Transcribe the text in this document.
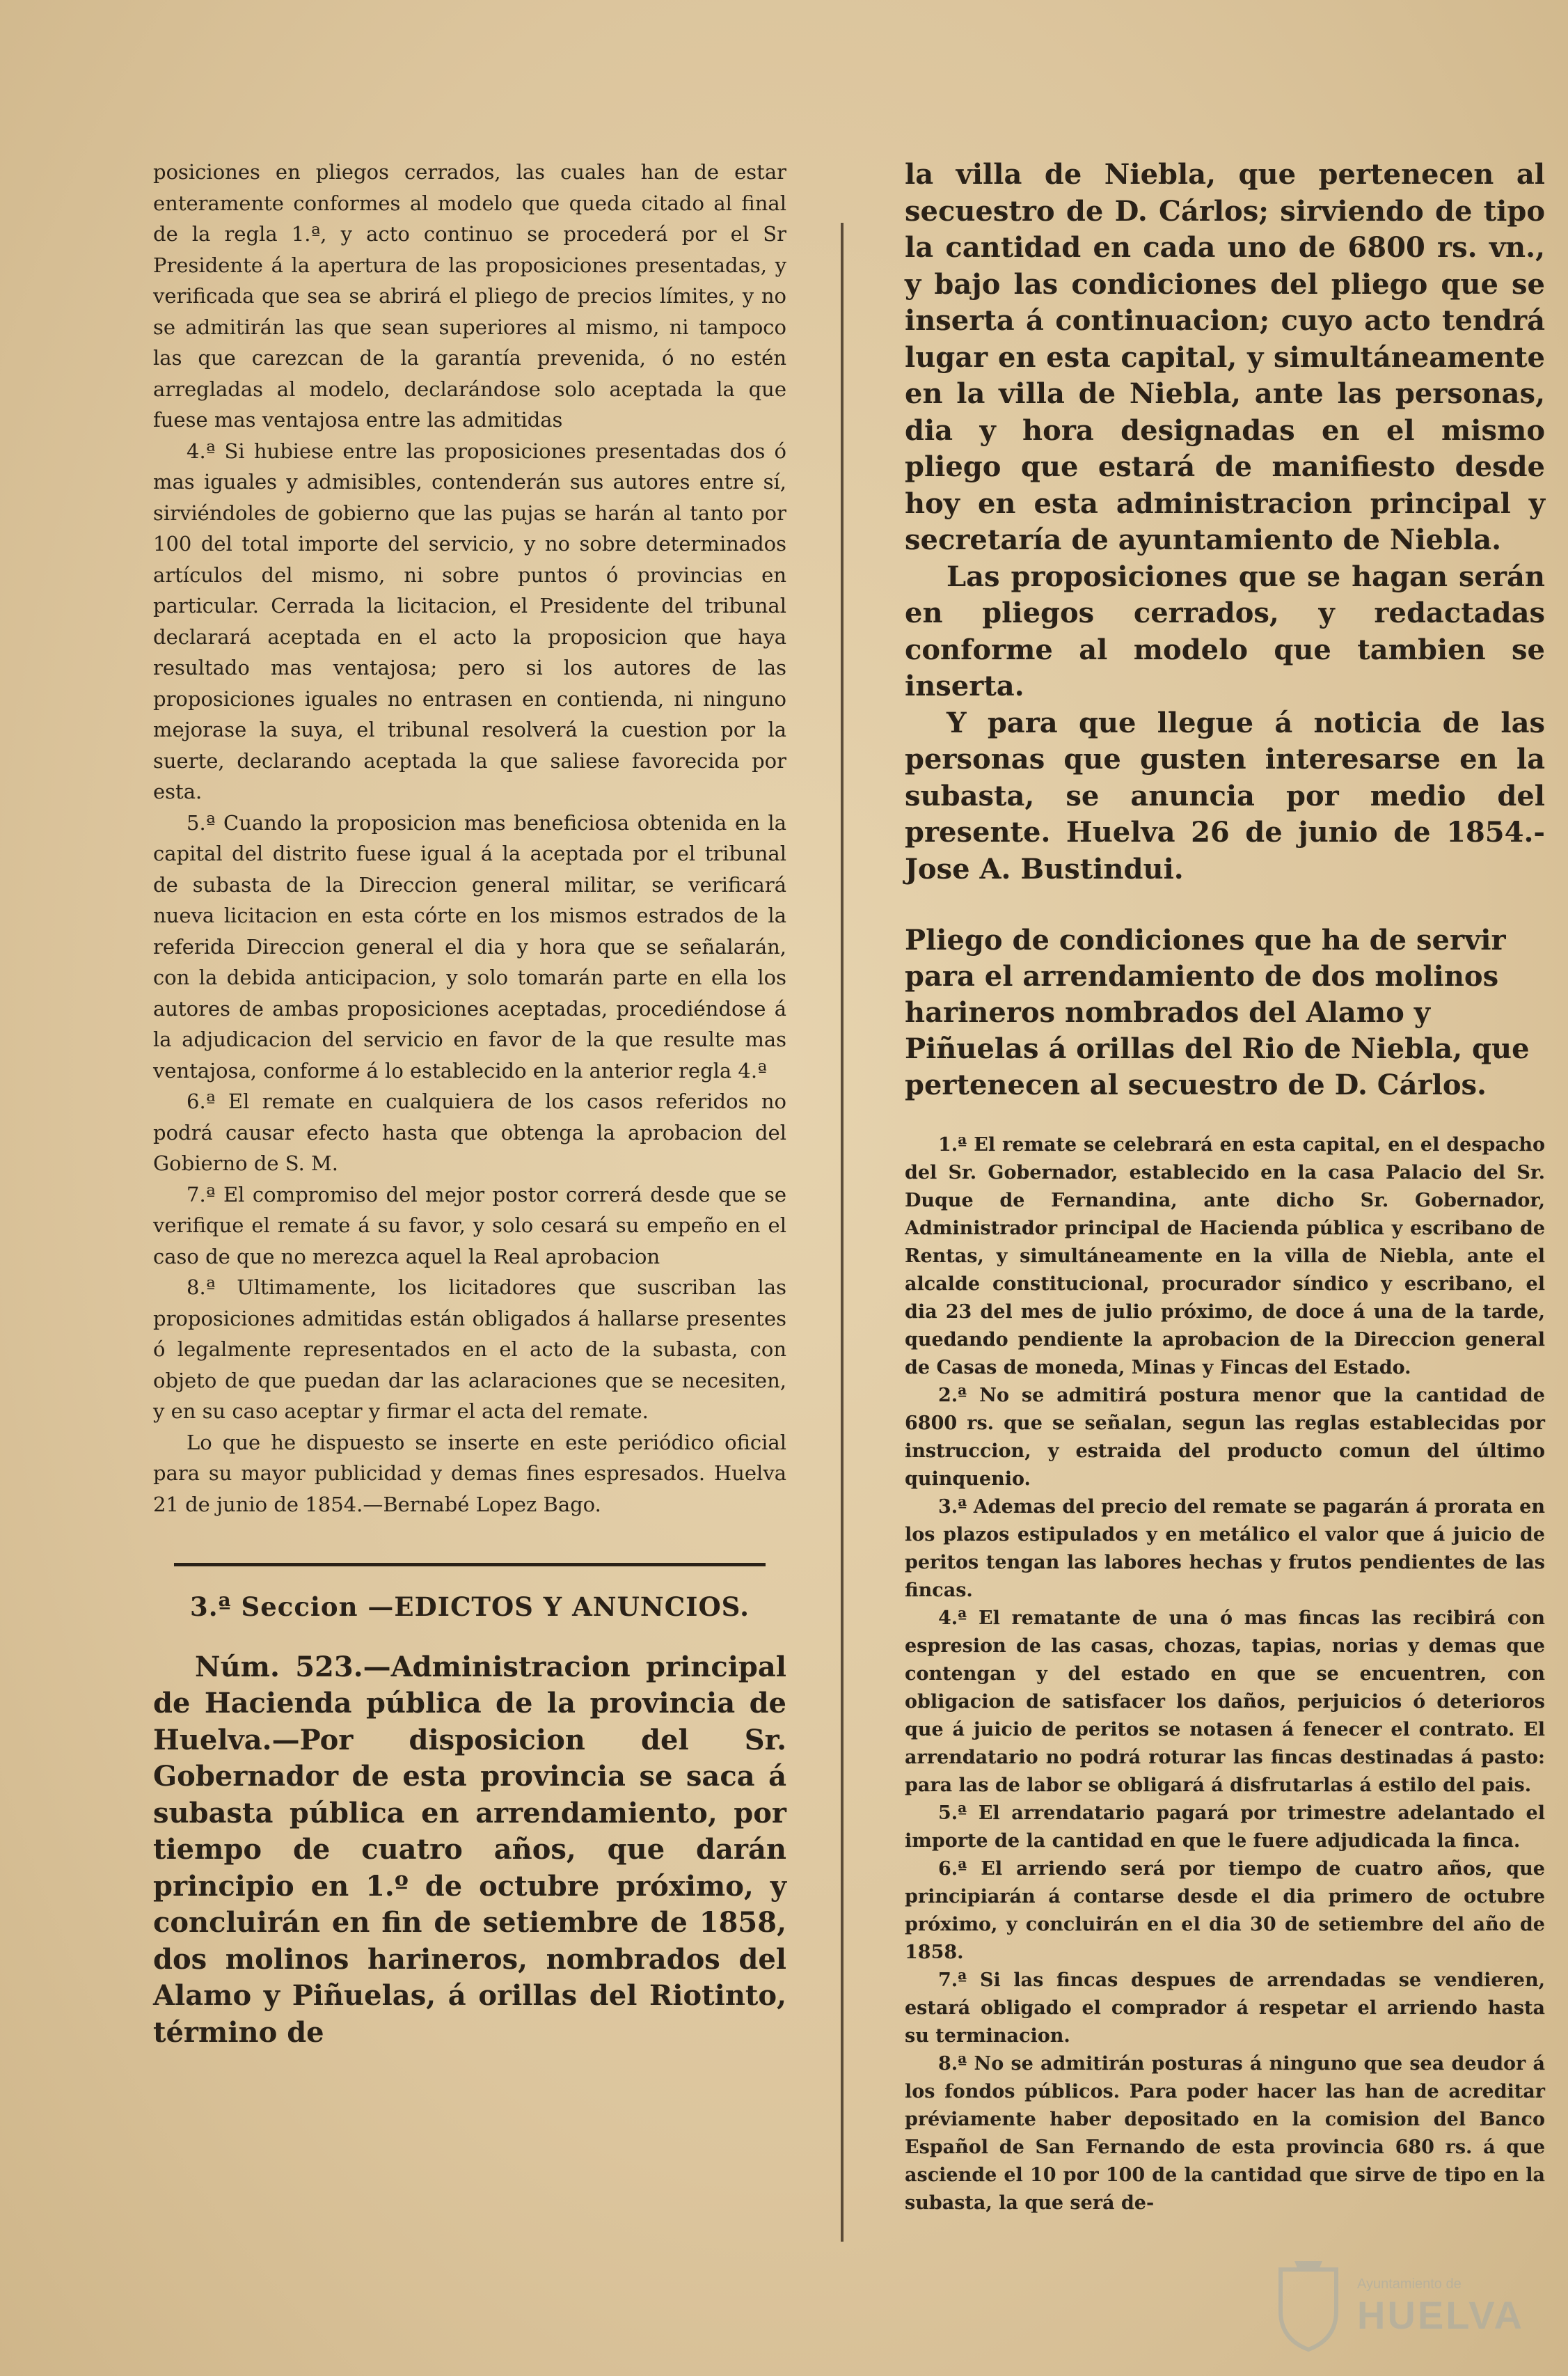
posiciones en pliegos cerrados, las cuales han de estar enteramente conformes al modelo que queda citado al final de la regla 1.ª, y acto continuo se procederá por el Sr Presidente á la apertura de las proposiciones presentadas, y verificada que sea se abrirá el pliego de precios límites, y no se admitirán las que sean superiores al mismo, ni tampoco las que carezcan de la garantía prevenida, ó no estén arregladas al modelo, declarándose solo aceptada la que fuese mas ventajosa entre las admitidas

4.ª Si hubiese entre las proposiciones presentadas dos ó mas iguales y admisibles, contenderán sus autores entre sí, sirviéndoles de gobierno que las pujas se harán al tanto por 100 del total importe del servicio, y no sobre determinados artículos del mismo, ni sobre puntos ó provincias en particular. Cerrada la licitacion, el Presidente del tribunal declarará aceptada en el acto la proposicion que haya resultado mas ventajosa; pero si los autores de las proposiciones iguales no entrasen en contienda, ni ninguno mejorase la suya, el tribunal resolverá la cuestion por la suerte, declarando aceptada la que saliese favorecida por esta.

5.ª Cuando la proposicion mas beneficiosa obtenida en la capital del distrito fuese igual á la aceptada por el tribunal de subasta de la Direccion general militar, se verificará nueva licitacion en esta córte en los mismos estrados de la referida Direccion general el dia y hora que se señalarán, con la debida anticipacion, y solo tomarán parte en ella los autores de ambas proposiciones aceptadas, procediéndose á la adjudicacion del servicio en favor de la que resulte mas ventajosa, conforme á lo establecido en la anterior regla 4.ª

6.ª El remate en cualquiera de los casos referidos no podrá causar efecto hasta que obtenga la aprobacion del Gobierno de S. M.

7.ª El compromiso del mejor postor correrá desde que se verifique el remate á su favor, y solo cesará su empeño en el caso de que no merezca aquel la Real aprobacion

8.ª Ultimamente, los licitadores que suscriban las proposiciones admitidas están obligados á hallarse presentes ó legalmente representados en el acto de la subasta, con objeto de que puedan dar las aclaraciones que se necesiten, y en su caso aceptar y firmar el acta del remate.

Lo que he dispuesto se inserte en este periódico oficial para su mayor publicidad y demas fines espresados. Huelva 21 de junio de 1854.—Bernabé Lopez Bago.

3.ª Seccion —EDICTOS Y ANUNCIOS.

Núm. 523.—Administracion principal de Hacienda pública de la provincia de Huelva.—Por disposicion del Sr. Gobernador de esta provincia se saca á subasta pública en arrendamiento, por tiempo de cuatro años, que darán principio en 1.º de octubre próximo, y concluirán en fin de setiembre de 1858, dos molinos harineros, nombrados del Alamo y Piñuelas, á orillas del Riotinto, término de

la villa de Niebla, que pertenecen al secuestro de D. Cárlos; sirviendo de tipo la cantidad en cada uno de 6800 rs. vn., y bajo las condiciones del pliego que se inserta á continuacion; cuyo acto tendrá lugar en esta capital, y simultáneamente en la villa de Niebla, ante las personas, dia y hora designadas en el mismo pliego que estará de manifiesto desde hoy en esta administracion principal y secretaría de ayuntamiento de Niebla.

Las proposiciones que se hagan serán en pliegos cerrados, y redactadas conforme al modelo que tambien se inserta.

Y para que llegue á noticia de las personas que gusten interesarse en la subasta, se anuncia por medio del presente. Huelva 26 de junio de 1854.-Jose A. Bustindui.

Pliego de condiciones que ha de servir para el arrendamiento de dos molinos harineros nombrados del Alamo y Piñuelas á orillas del Rio de Niebla, que pertenecen al secuestro de D. Cárlos.

1.ª El remate se celebrará en esta capital, en el despacho del Sr. Gobernador, establecido en la casa Palacio del Sr. Duque de Fernandina, ante dicho Sr. Gobernador, Administrador principal de Hacienda pública y escribano de Rentas, y simultáneamente en la villa de Niebla, ante el alcalde constitucional, procurador síndico y escribano, el dia 23 del mes de julio próximo, de doce á una de la tarde, quedando pendiente la aprobacion de la Direccion general de Casas de moneda, Minas y Fincas del Estado.

2.ª No se admitirá postura menor que la cantidad de 6800 rs. que se señalan, segun las reglas establecidas por instruccion, y estraida del producto comun del último quinquenio.

3.ª Ademas del precio del remate se pagarán á prorata en los plazos estipulados y en metálico el valor que á juicio de peritos tengan las labores hechas y frutos pendientes de las fincas.

4.ª El rematante de una ó mas fincas las recibirá con espresion de las casas, chozas, tapias, norias y demas que contengan y del estado en que se encuentren, con obligacion de satisfacer los daños, perjuicios ó deterioros que á juicio de peritos se notasen á fenecer el contrato. El arrendatario no podrá roturar las fincas destinadas á pasto: para las de labor se obligará á disfrutarlas á estilo del pais.

5.ª El arrendatario pagará por trimestre adelantado el importe de la cantidad en que le fuere adjudicada la finca.

6.ª El arriendo será por tiempo de cuatro años, que principiarán á contarse desde el dia primero de octubre próximo, y concluirán en el dia 30 de setiembre del año de 1858.

7.ª Si las fincas despues de arrendadas se vendieren, estará obligado el comprador á respetar el arriendo hasta su terminacion.

8.ª No se admitirán posturas á ninguno que sea deudor á los fondos públicos. Para poder hacer las han de acreditar préviamente haber depositado en la comision del Banco Español de San Fernando de esta provincia 680 rs. á que asciende el 10 por 100 de la cantidad que sirve de tipo en la subasta, la que será de-

Ayuntamiento de
HUELVA
